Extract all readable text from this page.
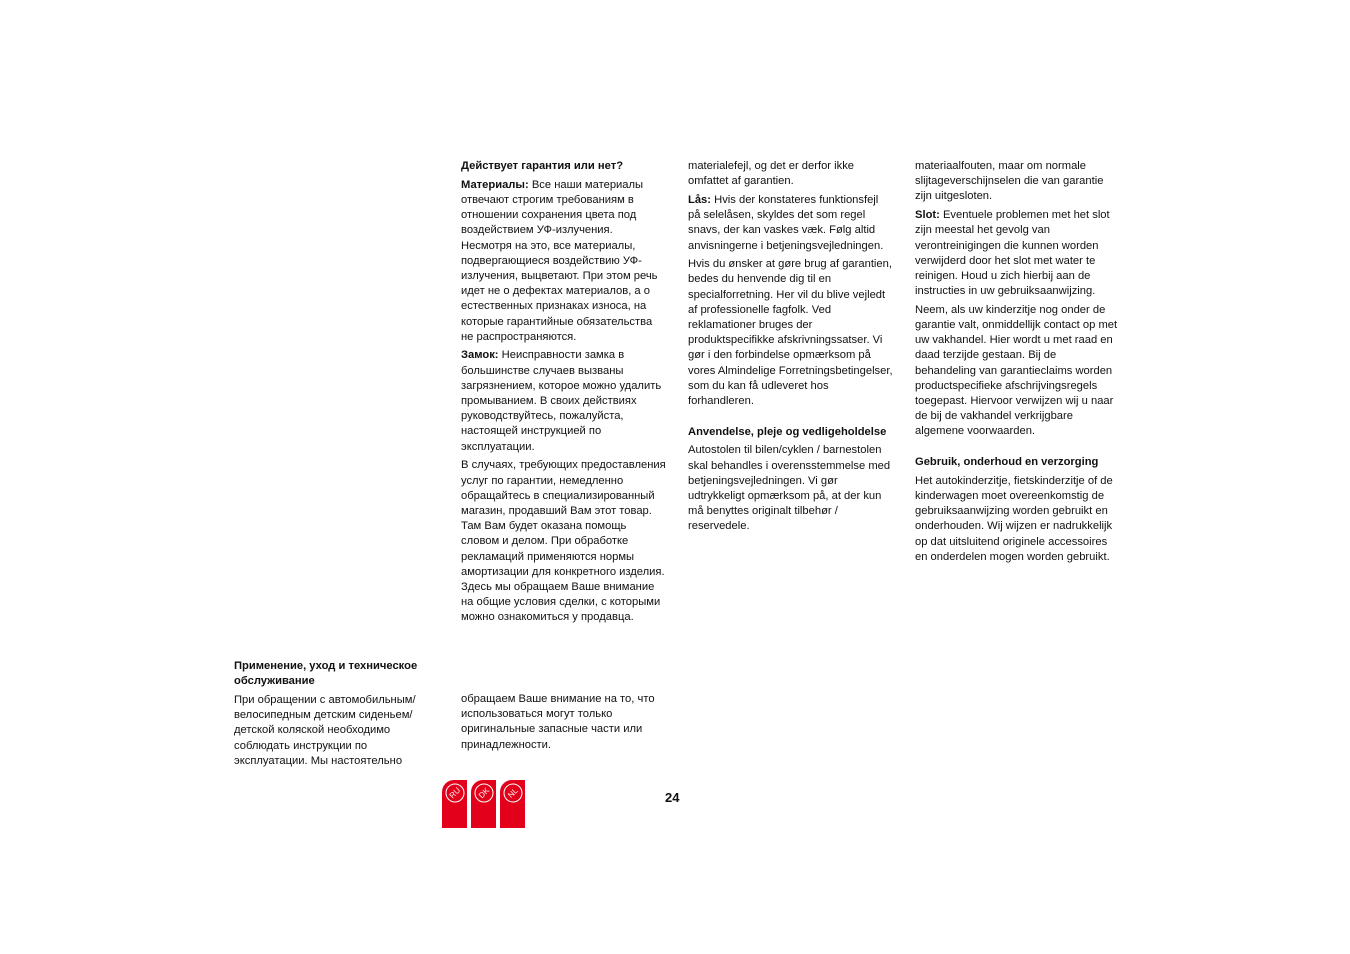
Действует гарантия или нет?

Материалы: Все наши материалы отвечают строгим требованиям в отношении сохранения цвета под воздействием УФ-излучения. Несмотря на это, все материалы, подвергающиеся воздействию УФ-излучения, выцветают. При этом речь идет не о дефектах материалов, а о естественных признаках износа, на которые гарантийные обязательства не распространяются.

Замок: Неисправности замка в большинстве случаев вызваны загрязнением, которое можно удалить промыванием. В своих действиях руководствуйтесь, пожалуйста, настоящей инструкцией по эксплуатации.

В случаях, требующих предоставления услуг по гарантии, немедленно обращайтесь в специализированный магазин, продавший Вам этот товар. Там Вам будет оказана помощь словом и делом. При обработке рекламаций применяются нормы амортизации для конкретного изделия. Здесь мы обращаем Ваше внимание на общие условия сделки, с которыми можно ознакомиться у продавца.

Применение, уход и техническое обслуживание

При обращении с автомобильным/ велосипедным детским сиденьем/ детской коляской необходимо соблюдать инструкции по эксплуатации. Мы настоятельно

обращаем Ваше внимание на то, что использоваться могут только оригинальные запасные части или принадлежности.

materialefejl, og det er derfor ikke omfattet af garantien.

Lås: Hvis der konstateres funktionsfejl på selelåsen, skyldes det som regel snavs, der kan vaskes væk. Følg altid anvisningerne i betjeningsvejledningen.

Hvis du ønsker at gøre brug af garantien, bedes du henvende dig til en specialforretning. Her vil du blive vejledt af professionelle fagfolk. Ved reklamationer bruges der produktspecifikke afskrivningssatser. Vi gør i den forbindelse opmærksom på vores Almindelige Forretningsbetingelser, som du kan få udleveret hos forhandleren.

Anvendelse, pleje og vedligeholdelse

Autostolen til bilen/cyklen / barnestolen skal behandles i overensstemmelse med betjeningsvejledningen. Vi gør udtrykkeligt opmærksom på, at der kun må benyttes originalt tilbehør / reservedele.

materiaalfouten, maar om normale slijtageverschijnselen die van garantie zijn uitgesloten.

Slot: Eventuele problemen met het slot zijn meestal het gevolg van verontreinigingen die kunnen worden verwijderd door het slot met water te reinigen. Houd u zich hierbij aan de instructies in uw gebruiksaanwijzing.

Neem, als uw kinderzitje nog onder de garantie valt, onmiddellijk contact op met uw vakhandel. Hier wordt u met raad en daad terzijde gestaan. Bij de behandeling van garantieclaims worden productspecifieke afschrijvingsregels toegepast. Hiervoor verwijzen wij u naar de bij de vakhandel verkrijgbare algemene voorwaarden.

Gebruik, onderhoud en verzorging

Het autokinderzitje, fietskinderzitje of de kinderwagen moet overeenkomstig de gebruiksaanwijzing worden gebruikt en onderhouden. Wij wijzen er nadrukkelijk op dat uitsluitend originele accessoires en onderdelen mogen worden gebruikt.

RU DK NL	24
